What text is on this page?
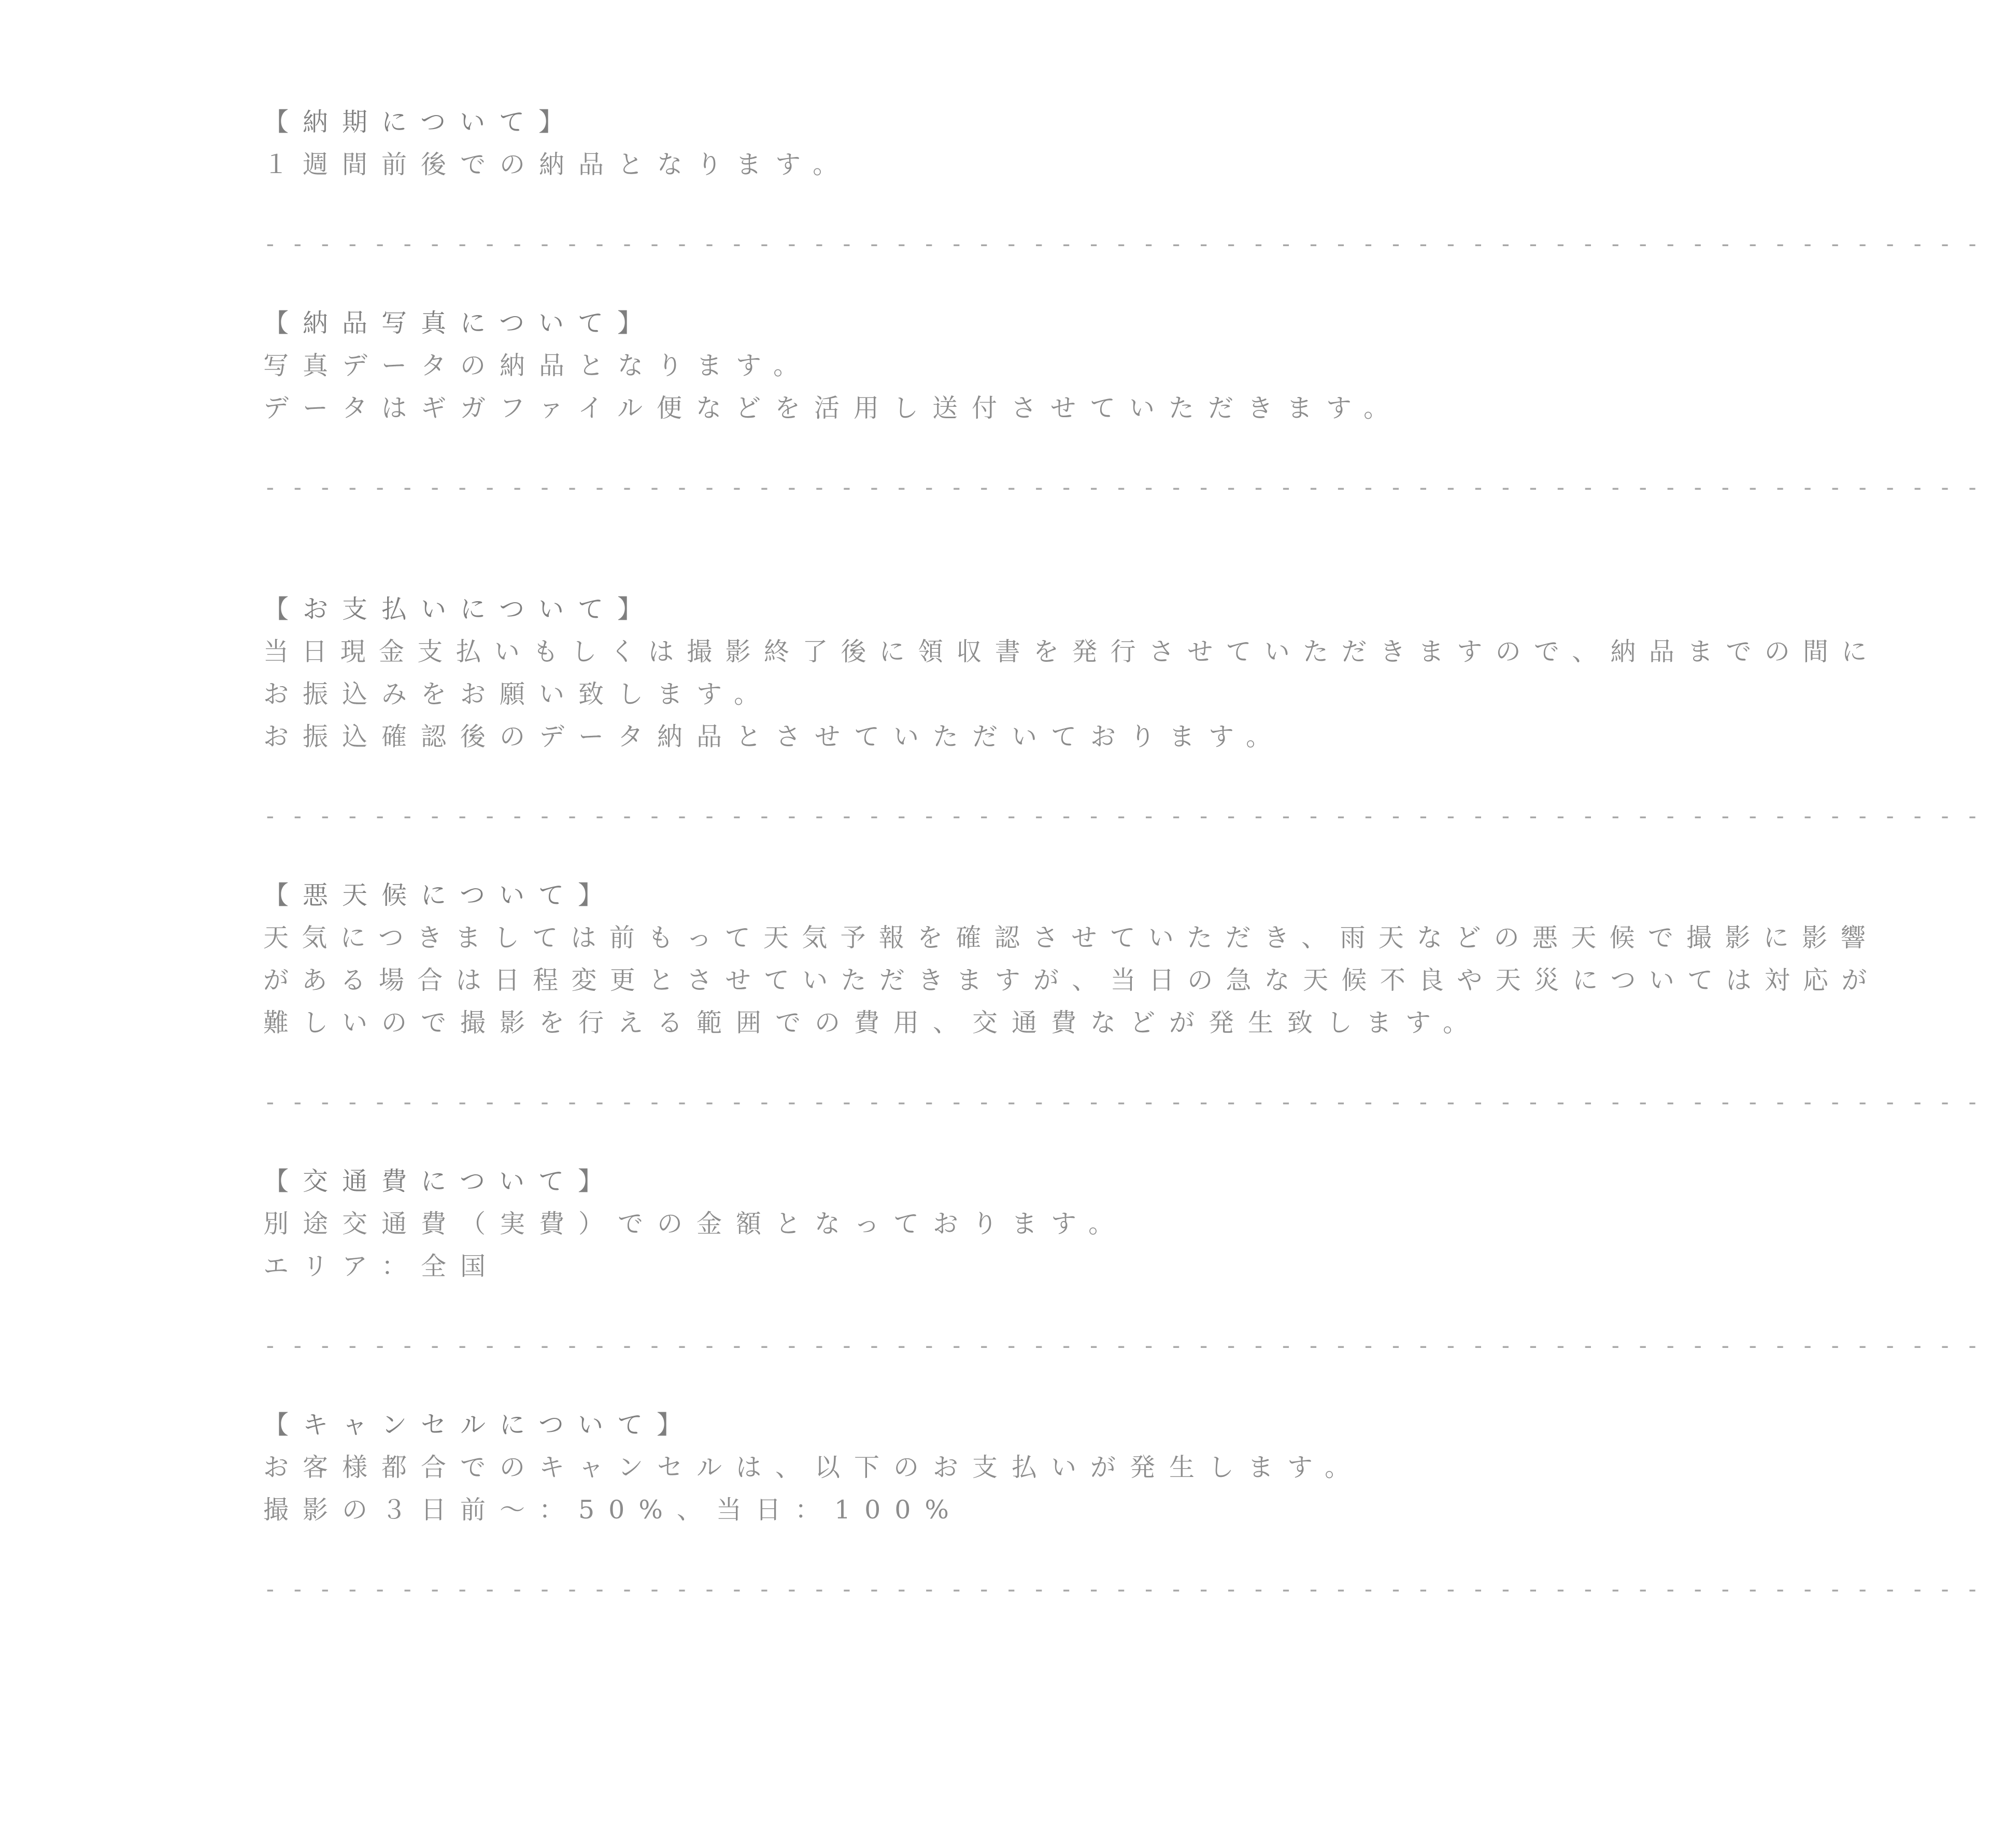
【納期について】

１週間前後での納品となります。

- - - - - - - - - - - - - - - - - - - - - - - - - - - - - - - - - - - - - - - - - - - - - - - - - - - - - - - - - - - - - - -

【納品写真について】

写真データの納品となります。

データはギガファイル便などを活用し送付させていただきます。

- - - - - - - - - - - - - - - - - - - - - - - - - - - - - - - - - - - - - - - - - - - - - - - - - - - - - - - - - - - - - - -

【お支払いについて】

当日現金支払いもしくは撮影終了後に領収書を発行させていただきますので、納品までの間に

お振込みをお願い致します。

お振込確認後のデータ納品とさせていただいております。

- - - - - - - - - - - - - - - - - - - - - - - - - - - - - - - - - - - - - - - - - - - - - - - - - - - - - - - - - - - - - - -

【悪天候について】

天気につきましては前もって天気予報を確認させていただき、雨天などの悪天候で撮影に影響

がある場合は日程変更とさせていただきますが、当日の急な天候不良や天災については対応が

難しいので撮影を行える範囲での費用、交通費などが発生致します。

- - - - - - - - - - - - - - - - - - - - - - - - - - - - - - - - - - - - - - - - - - - - - - - - - - - - - - - - - - - - - - -

【交通費について】

別途交通費（実費）での金額となっております。

エリア：全国

- - - - - - - - - - - - - - - - - - - - - - - - - - - - - - - - - - - - - - - - - - - - - - - - - - - - - - - - - - - - - - -

【キャンセルについて】

お客様都合でのキャンセルは、以下のお支払いが発生します。

撮影の３日前〜：50%、当日：100%

- - - - - - - - - - - - - - - - - - - - - - - - - - - - - - - - - - - - - - - - - - - - - - - - - - - - - - - - - - - - - - -
